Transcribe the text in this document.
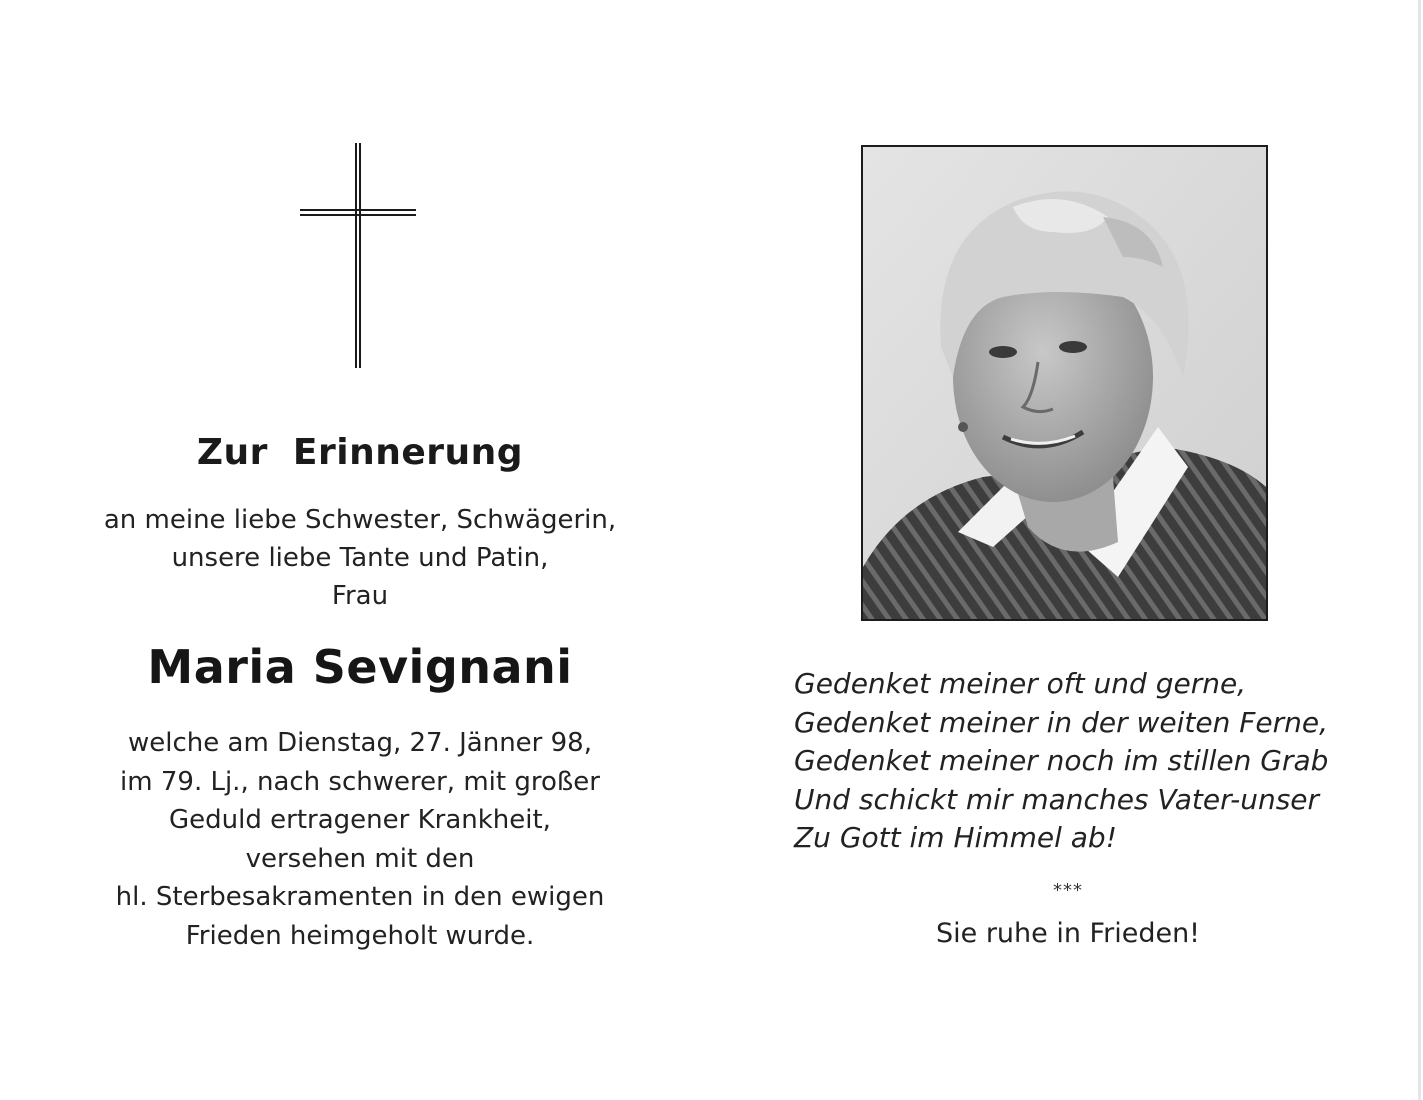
Zur Erinnerung
an meine liebe Schwester, Schwägerin,
unsere liebe Tante und Patin,
Frau
Maria Sevignani
welche am Dienstag, 27. Jänner 98,
im 79. Lj., nach schwerer, mit großer
Geduld ertragener Krankheit,
versehen mit den
hl. Sterbesakramenten in den ewigen
Frieden heimgeholt wurde.
Gedenket meiner oft und gerne,
Gedenket meiner in der weiten Ferne,
Gedenket meiner noch im stillen Grab
Und schickt mir manches Vater-unser
Zu Gott im Himmel ab!
***
Sie ruhe in Frieden!
